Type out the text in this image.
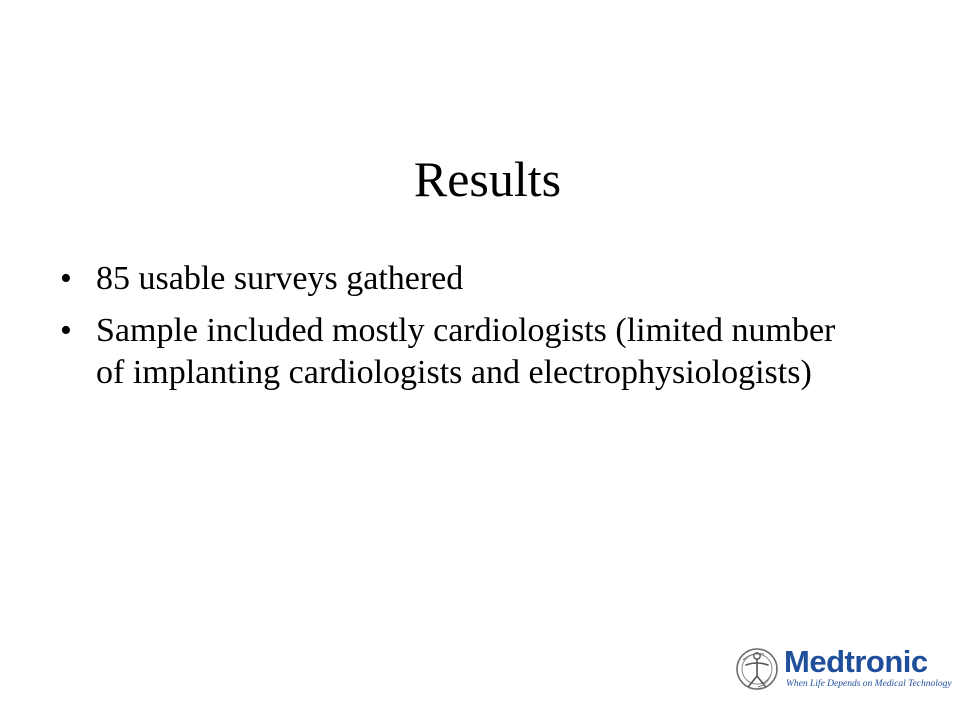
Results
• 85 usable surveys gathered
• Sample included mostly cardiologists (limited number of implanting cardiologists and electrophysiologists)
Medtronic
When Life Depends on Medical Technology
